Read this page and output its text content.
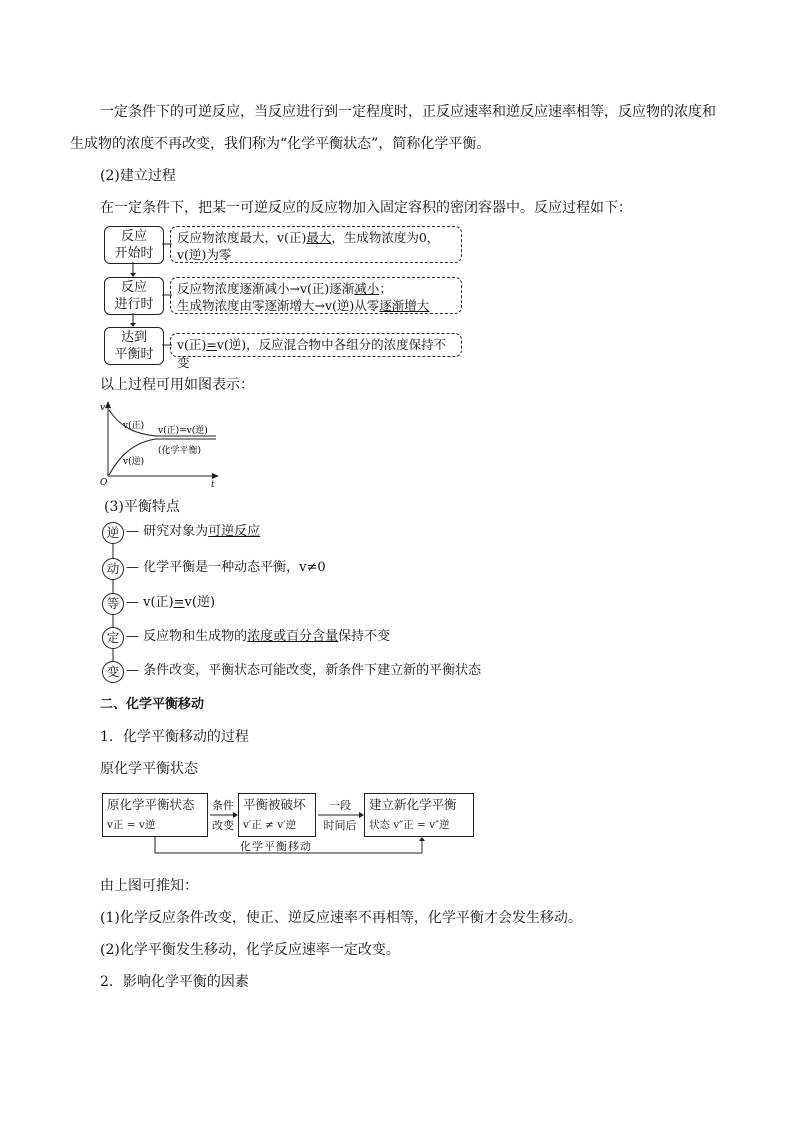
一定条件下的可逆反应，当反应进行到一定程度时，正反应速率和逆反应速率相等，反应物的浓度和
生成物的浓度不再改变，我们称为“化学平衡状态”，简称化学平衡。
(2)建立过程
在一定条件下，把某一可逆反应的反应物加入固定容积的密闭容器中。反应过程如下：
反应
开始时
反应
进行时
达到
平衡时
反应物浓度最大，v(正)最大，生成物浓度为0，
v(逆)为零
反应物浓度逐渐减小→v(正)逐渐减小；
生成物浓度由零逐渐增大→v(逆)从零逐渐增大
v(正)=v(逆)，反应混合物中各组分的浓度保持不变
以上过程可用如图表示：
v
t
O
v(正)
v(逆)
v(正)=v(逆)
(化学平衡)
(3)平衡特点
逆 — 研究对象为可逆反应
动 — 化学平衡是一种动态平衡，v≠0
等 — v(正)=v(逆)
定 — 反应物和生成物的浓度或百分含量保持不变
变 — 条件改变，平衡状态可能改变，新条件下建立新的平衡状态
二、化学平衡移动
1．化学平衡移动的过程
原化学平衡状态
原化学平衡状态
v正 = v逆
条件
改变
平衡被破坏
v′正 ≠ v′逆
一段
时间后
建立新化学平衡
状态 v″正 = v″逆
化学平衡移动
由上图可推知：
(1)化学反应条件改变，使正、逆反应速率不再相等，化学平衡才会发生移动。
(2)化学平衡发生移动，化学反应速率一定改变。
2．影响化学平衡的因素
